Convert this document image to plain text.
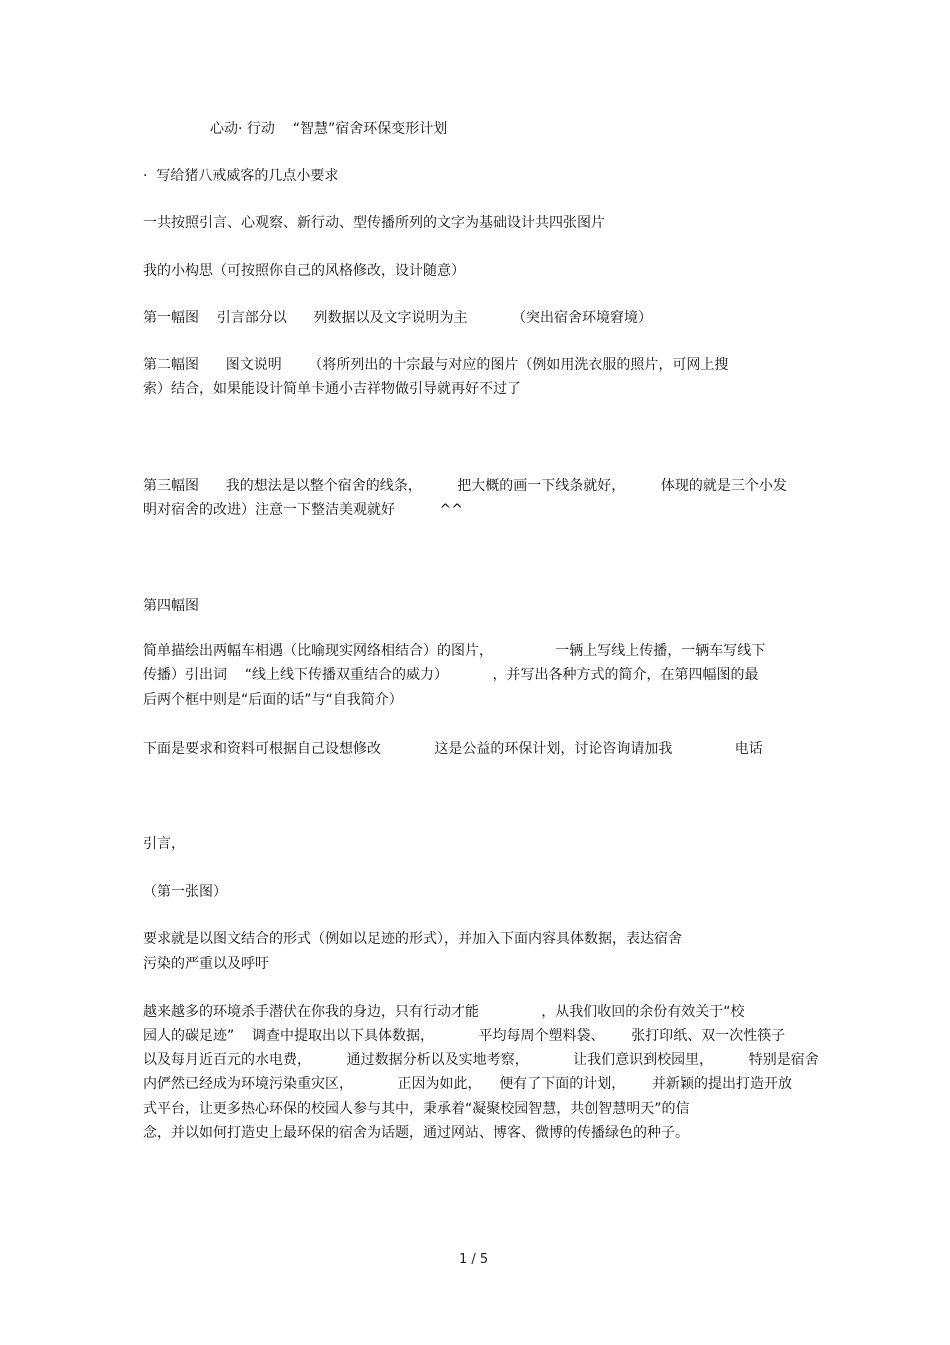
心动· 行动    “智慧”宿舍环保变形计划
·  写给猪八戒威客的几点小要求
一共按照引言、心观察、新行动、型传播所列的文字为基础设计共四张图片
我的小构思（可按照你自己的风格修改，设计随意）
第一幅图    引言部分以      列数据以及文字说明为主          （突出宿舍环境窘境）
第二幅图      图文说明      （将所列出的十宗最与对应的图片（例如用洗衣服的照片，可网上搜
索）结合，如果能设计简单卡通小吉祥物做引导就再好不过了
第三幅图      我的想法是以整个宿舍的线条，        把大概的画一下线条就好，        体现的就是三个小发
明对宿舍的改进）注意一下整洁美观就好          ^^
第四幅图
简单描绘出两幅车相遇（比喻现实网络相结合）的图片，              一辆上写线上传播，一辆车写线下
传播）引出词    “线上线下传播双重结合的威力）          ，并写出各种方式的简介，在第四幅图的最
后两个框中则是“后面的话”与“自我简介）
下面是要求和资料可根据自己设想修改            这是公益的环保计划，讨论咨询请加我              电话
引言，
（第一张图）
要求就是以图文结合的形式（例如以足迹的形式），并加入下面内容具体数据，表达宿舍
污染的严重以及呼吁
越来越多的环境杀手潜伏在你我的身边，只有行动才能              ，从我们收回的余份有效关于“校
园人的碳足迹”    调查中提取出以下具体数据，          平均每周个塑料袋、      张打印纸、双一次性筷子
以及每月近百元的水电费，        通过数据分析以及实地考察，          让我们意识到校园里，        特别是宿舍
内俨然已经成为环境污染重灾区，          正因为如此，    便有了下面的计划，      并新颖的提出打造开放
式平台，让更多热心环保的校园人参与其中，秉承着“凝聚校园智慧，共创智慧明天”的信
念，并以如何打造史上最环保的宿舍为话题，通过网站、博客、微博的传播绿色的种子。
1 / 5
